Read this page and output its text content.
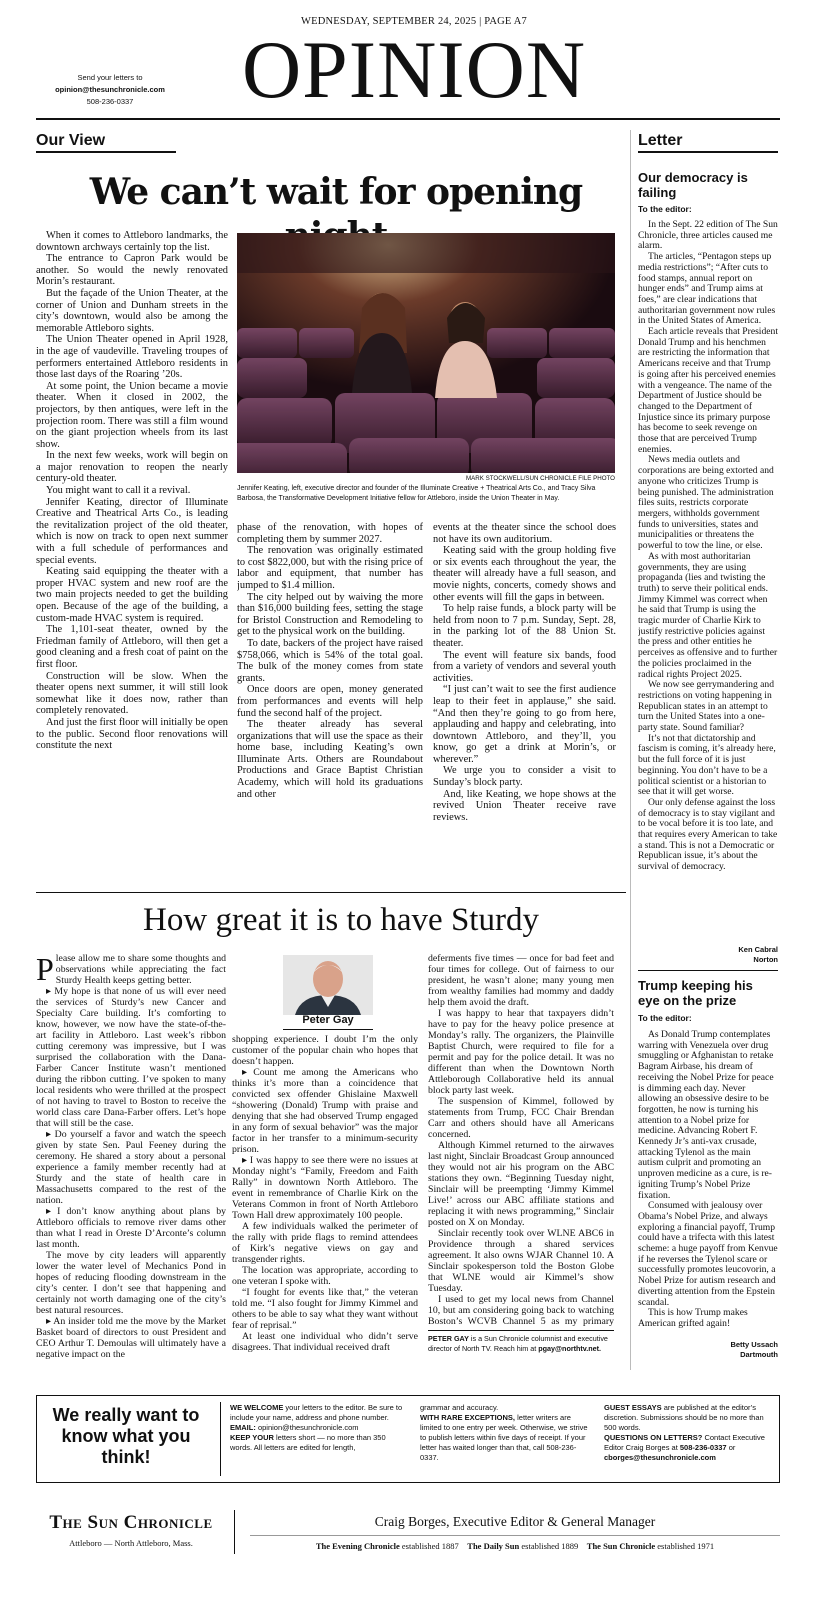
WEDNESDAY, SEPTEMBER 24, 2025 | PAGE A7
OPINION
Send your letters to
opinion@thesunchronicle.com
508-236-0337
Our View
We can’t wait for opening

When it comes to Attleboro landmarks, the downtown archways certainly top the list.

The entrance to Capron Park would be another. So would the newly renovated Morin’s restaurant.

But the façade of the Union Theater, at the corner of Union and Dunham streets in the city’s downtown, would also be among the memorable Attleboro sights.

The Union Theater opened in April 1928, in the age of vaudeville. Traveling troupes of performers entertained Attleboro residents in those last days of the Roaring ’20s.

At some point, the Union became a movie theater. When it closed in 2002, the projectors, by then antiques, were left in the projection room. There was still a film wound on the giant projection wheels from its last show.

In the next few weeks, work will begin on a major renovation to reopen the nearly century-old theater.

You might want to call it a revival.

Jennifer Keating, director of Illuminate Creative and Theatrical Arts Co., is leading the revitalization project of the old theater, which is now on track to open next summer with a full schedule of performances and special events.

Keating said equipping the theater with a proper HVAC system and new roof are the two main projects needed to get the building open. Because of the age of the building, a custom-made HVAC system is required.

The 1,101-seat theater, owned by the Friedman family of Attleboro, will then get a good cleaning and a fresh coat of paint on the first floor.

Construction will be slow. When the theater opens next summer, it will still look somewhat like it does now, rather than completely renovated.

And just the first floor will initially be open to the public. Second floor renovations will constitute the next

MARK STOCKWELL/SUN CHRONICLE FILE PHOTO
Jennifer Keating, left, executive director and founder of the Illuminate Creative + Theatrical Arts Co., and Tracy Silva Barbosa, the Transformative Development Initiative fellow for Attleboro, inside the Union Theater in May.

phase of the renovation, with hopes of completing them by summer 2027.

The renovation was originally estimated to cost $822,000, but with the rising price of labor and equipment, that number has jumped to $1.4 million.

The city helped out by waiving the more than $16,000 building fees, setting the stage for Bristol Construction and Remodeling to get to the physical work on the building.

To date, backers of the project have raised $758,066, which is 54% of the total goal. The bulk of the money comes from state grants.

Once doors are open, money generated from performances and events will help fund the second half of the project.

The theater already has several organizations that will use the space as their home base, including Keating’s own Illuminate Arts. Others are Roundabout Productions and Grace Baptist Christian Academy, which will hold its graduations and other

events at the theater since the school does not have its own auditorium.

Keating said with the group holding five or six events each throughout the year, the theater will already have a full season, and movie nights, concerts, comedy shows and other events will fill the gaps in between.

To help raise funds, a block party will be held from noon to 7 p.m. Sunday, Sept. 28, in the parking lot of the 88 Union St. theater.

The event will feature six bands, food from a variety of vendors and several youth activities.

“I just can’t wait to see the first audience leap to their feet in applause,” she said. “And then they’re going to go from here, applauding and happy and celebrating, into downtown Attleboro, and they’ll, you know, go get a drink at Morin’s, or wherever.”

We urge you to consider a visit to Sunday’s block party.

And, like Keating, we hope shows at the revived Union Theater receive rave reviews.

How great it is to have Sturdy

Please allow me to share some thoughts and observations while appreciating the fact Sturdy Health keeps getting better.

▸ My hope is that none of us will ever need the services of Sturdy’s new Cancer and Specialty Care building. It’s comforting to know, however, we now have the state-of-the-art facility in Attleboro. Last week’s ribbon cutting ceremony was impressive, but I was surprised the collaboration with the Dana-Farber Cancer Institute wasn’t mentioned during the ribbon cutting. I’ve spoken to many local residents who were thrilled at the prospect of not having to travel to Boston to receive the world class care Dana-Farber offers. Let’s hope that will still be the case.

▸ Do yourself a favor and watch the speech given by state Sen. Paul Feeney during the ceremony. He shared a story about a personal experience a family member recently had at Sturdy and the state of health care in Massachusetts compared to the rest of the nation.

▸ I don’t know anything about plans by Attleboro officials to remove river dams other than what I read in Oreste D’Arconte’s column last month.

The move by city leaders will apparently lower the water level of Mechanics Pond in hopes of reducing flooding downstream in the city’s center. I don’t see that happening and certainly not worth damaging one of the city’s best natural resources.

▸ An insider told me the move by the Market Basket board of directors to oust President and CEO Arthur T. Demoulas will ultimately have a negative impact on the

Peter Gay

shopping experience. I doubt I’m the only customer of the popular chain who hopes that doesn’t happen.

▸ Count me among the Americans who thinks it’s more than a coincidence that convicted sex offender Ghislaine Maxwell “showering (Donald) Trump with praise and denying that she had observed Trump engaged in any form of sexual behavior” was the major factor in her transfer to a minimum-security prison.

▸ I was happy to see there were no issues at Monday night’s “Family, Freedom and Faith Rally” in downtown North Attleboro. The event in remembrance of Charlie Kirk on the Veterans Common in front of North Attleboro Town Hall drew approximately 100 people.

A few individuals walked the perimeter of the rally with pride flags to remind attendees of Kirk’s negative views on gay and transgender rights.

The location was appropriate, according to one veteran I spoke with.

“I fought for events like that,” the veteran told me. “I also fought for Jimmy Kimmel and others to be able to say what they want without fear of reprisal.”

At least one individual who didn’t serve disagrees. That individual received draft

deferments five times — once for bad feet and four times for college. Out of fairness to our president, he wasn’t alone; many young men from wealthy families had mommy and daddy help them avoid the draft.

I was happy to hear that taxpayers didn’t have to pay for the heavy police presence at Monday’s rally. The organizers, the Plainville Baptist Church, were required to file for a permit and pay for the police detail. It was no different than when the Downtown North Attleborough Collaborative held its annual block party last week.

The suspension of Kimmel, followed by statements from Trump, FCC Chair Brendan Carr and others should have all Americans concerned.

Although Kimmel returned to the airwaves last night, Sinclair Broadcast Group announced they would not air his program on the ABC stations they own. “Beginning Tuesday night, Sinclair will be preempting ‘Jimmy Kimmel Live!’ across our ABC affiliate stations and replacing it with news programming,” Sinclair posted on X on Monday.

Sinclair recently took over WLNE ABC6 in Providence through a shared services agreement. It also owns WJAR Channel 10. A Sinclair spokesperson told the Boston Globe that WLNE would air Kimmel’s show Tuesday.

I used to get my local news from Channel 10, but am considering going back to watching Boston’s WCVB Channel 5 as my primary

PETER GAY is a Sun Chronicle columnist and executive director of North TV. Reach him at pgay@northtv.net.
Letter
Our democracy is failing
To the editor:

In the Sept. 22 edition of The Sun Chronicle, three articles caused me alarm.

The articles, “Pentagon steps up media restrictions”; “After cuts to food stamps, annual report on hunger ends” and Trump aims at foes,” are clear indications that authoritarian government now rules in the United States of America.

Each article reveals that President Donald Trump and his henchmen are restricting the information that Americans receive and that Trump is going after his perceived enemies with a vengeance. The name of the Department of Justice should be changed to the Department of Injustice since its primary purpose has become to seek revenge on those that are perceived Trump enemies.

News media outlets and corporations are being extorted and anyone who criticizes Trump is being punished. The administration files suits, restricts corporate mergers, withholds government funds to universities, states and municipalities or threatens the powerful to tow the line, or else.

As with most authoritarian governments, they are using propaganda (lies and twisting the truth) to serve their political ends. Jimmy Kimmel was correct when he said that Trump is using the tragic murder of Charlie Kirk to justify restrictive policies against the press and other entities he perceives as offensive and to further the policies proclaimed in the radical rights Project 2025.

We now see gerrymandering and restrictions on voting happening in Republican states in an attempt to turn the United States into a one-party state. Sound familiar?

It’s not that dictatorship and fascism is coming, it’s already here, but the full force of it is just beginning. You don’t have to be a political scientist or a historian to see that it will get worse.

Our only defense against the loss of democracy is to stay vigilant and to be vocal before it is too late, and that requires every American to take a stand. This is not a Democratic or Republican issue, it’s about the survival of democracy.

Ken Cabral
Norton
Trump keeping his eye on the prize
To the editor:

As Donald Trump contemplates warring with Venezuela over drug smuggling or Afghanistan to retake Bagram Airbase, his dream of receiving the Nobel Prize for peace is dimming each day. Never allowing an obsessive desire to be forgotten, he now is turning his attention to a Nobel prize for medicine. Advancing Robert F. Kennedy Jr’s anti-vax crusade, attacking Tylenol as the main autism culprit and promoting an unproven medicine as a cure, is re-igniting Trump’s Nobel Prize fixation.

Consumed with jealousy over Obama’s Nobel Prize, and always exploring a financial payoff, Trump could have a trifecta with this latest scheme: a huge payoff from Kenvue if he reverses the Tylenol scare or successfully promotes leucovorin, a Nobel Prize for autism research and diverting attention from the Epstein scandal.

This is how Trump makes American grifted again!

Betty Ussach
Dartmouth
We really want to know what you think!
WE WELCOME your letters to the editor. Be sure to include your name, address and phone number.
EMAIL: opinion@thesunchronicle.com
KEEP YOUR letters short — no more than 350 words. All letters are edited for length,
grammar and accuracy.
WITH RARE EXCEPTIONS, letter writers are limited to one entry per week. Otherwise, we strive to publish letters within five days of receipt. If your letter has waited longer than that, call 508-236-0337.
GUEST ESSAYS are published at the editor’s discretion. Submissions should be no more than 500 words.
QUESTIONS ON LETTERS? Contact Executive Editor Craig Borges at 508-236-0337 or cborges@thesunchronicle.com
The Sun Chronicle
Attleboro — North Attleboro, Mass.
Craig Borges, Executive Editor & General Manager
The Evening Chronicle established 1887 The Daily Sun established 1889 The Sun Chronicle established 1971
